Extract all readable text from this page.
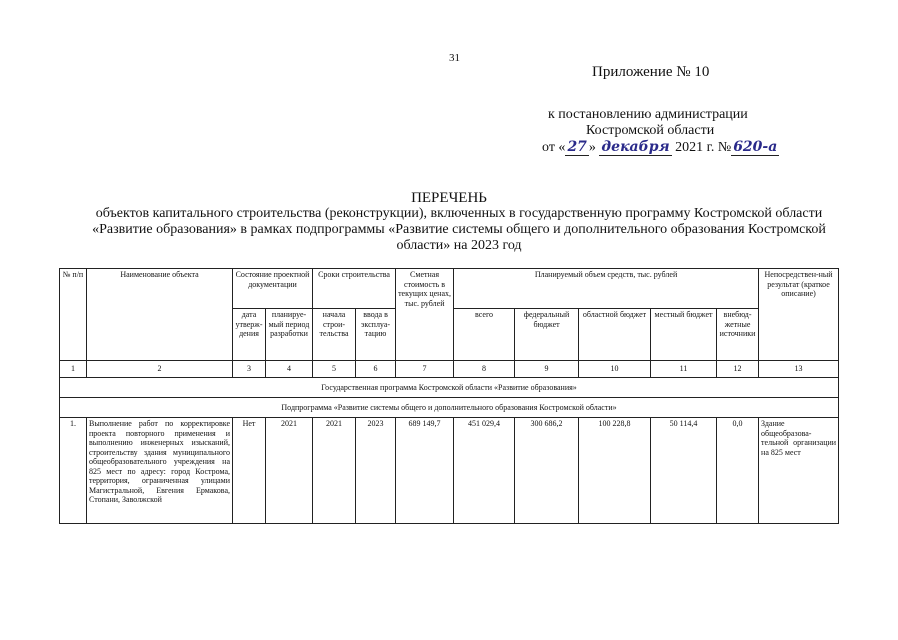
31
Приложение № 10
к постановлению администрации
Костромской области
от « 27 » декабря 2021 г. № 620-а
ПЕРЕЧЕНЬ
объектов капитального строительства (реконструкции), включенных в государственную программу Костромской области «Развитие образования» в рамках подпрограммы «Развитие системы общего и дополнительного образования Костромской области» на 2023 год
№ п/п	Наименование объекта	Состояние проектной документации		Сроки строительства		Сметная стоимость в текущих ценах, тыс. рублей	Планируемый объем средств, тыс. рублей					Непосредствен-ный результат (краткое описание)
		дата утверж-дения	планируе-мый период разработки	начала строи-тельства	ввода в эксплуа-тацию		всего	федеральный бюджет	областной бюджет	местный бюджет	внебюд-жетные источники	
1	2	3	4	5	6	7	8	9	10	11	12	13
Государственная программа Костромской области «Развитие образования»												
Подпрограмма «Развитие системы общего и дополнительного образования Костромской области»												
1.	Выполнение работ по корректировке проекта повторного применения и выполнению инженерных изысканий, строительству здания муниципального общеобразовательного учреждения на 825 мест по адресу: город Кострома, территория, ограниченная улицами Магистральной, Евгения Ермакова, Стопани, Заволжской	Нет	2021	2021	2023	689 149,7	451 029,4	300 686,2	100 228,8	50 114,4	0,0	Здание общеобразова-тельной организации на 825 мест
